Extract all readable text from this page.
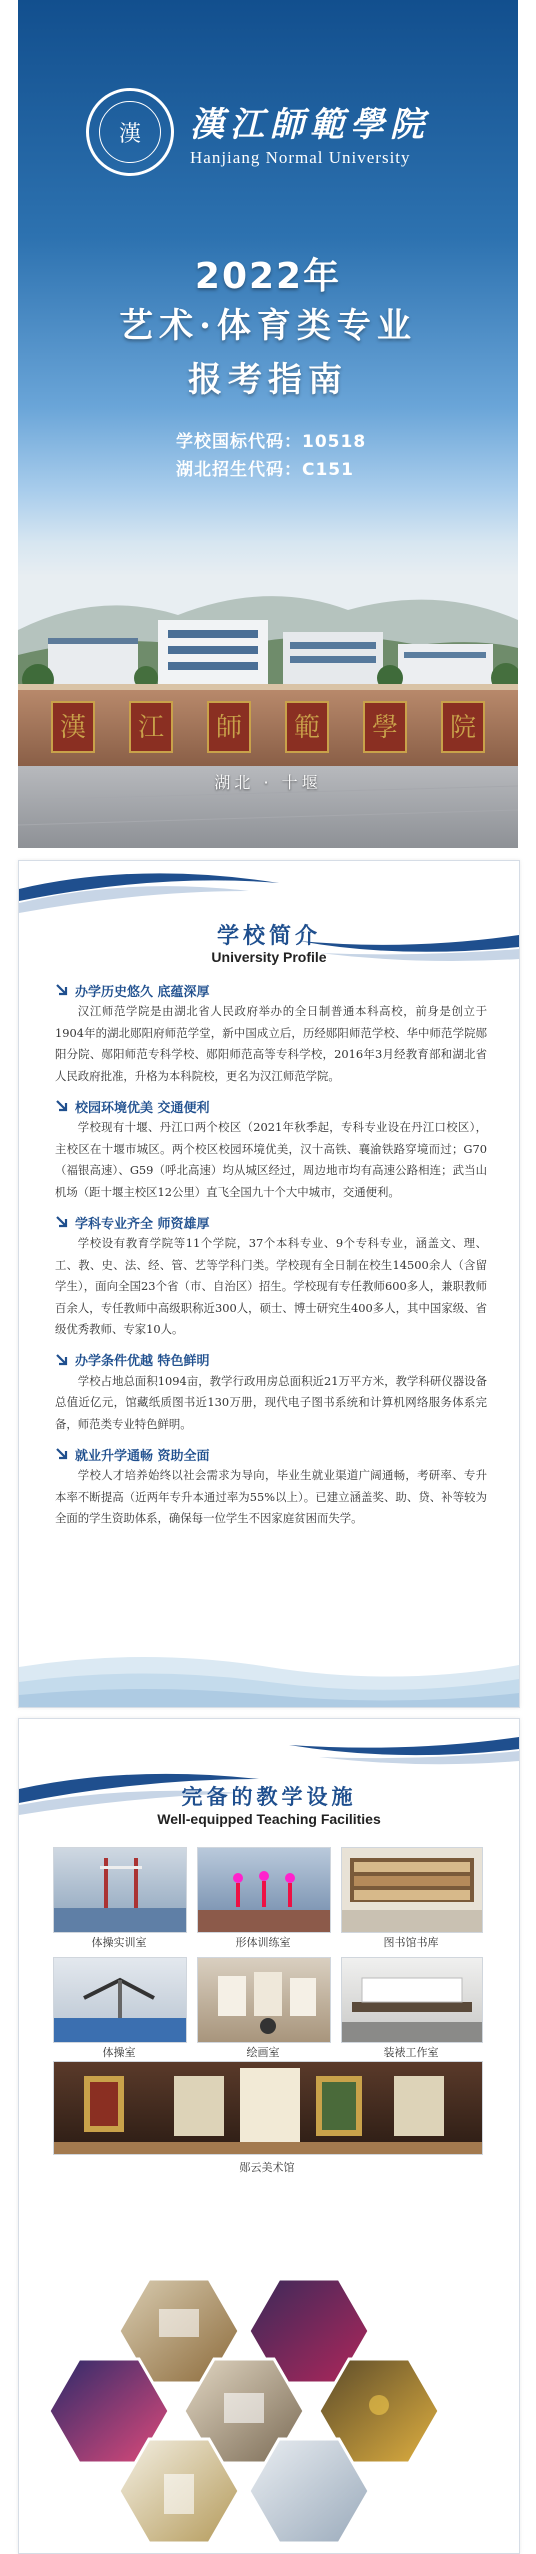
漢 漢江師範學院
Hanjiang Normal University
2022年
艺术·体育类专业
报考指南
学校国标代码：10518
湖北招生代码：C151
漢 江 師 範 學 院
湖北 · 十堰
学校简介
University Profile
办学历史悠久 底蕴深厚

汉江师范学院是由湖北省人民政府举办的全日制普通本科高校，前身是创立于1904年的湖北郧阳府师范学堂，新中国成立后，历经郧阳师范学校、华中师范学院郧阳分院、郧阳师范专科学校、郧阳师范高等专科学校，2016年3月经教育部和湖北省人民政府批准，升格为本科院校，更名为汉江师范学院。

校园环境优美 交通便利

学校现有十堰、丹江口两个校区（2021年秋季起，专科专业设在丹江口校区），主校区在十堰市城区。两个校区校园环境优美，汉十高铁、襄渝铁路穿境而过；G70（福银高速）、G59（呼北高速）均从城区经过，周边地市均有高速公路相连；武当山机场（距十堰主校区12公里）直飞全国九十个大中城市，交通便利。

学科专业齐全 师资雄厚

学校设有教育学院等11个学院，37个本科专业、9个专科专业，涵盖文、理、工、教、史、法、经、管、艺等学科门类。学校现有全日制在校生14500余人（含留学生），面向全国23个省（市、自治区）招生。学校现有专任教师600多人，兼职教师百余人，专任教师中高级职称近300人，硕士、博士研究生400多人，其中国家级、省级优秀教师、专家10人。

办学条件优越 特色鲜明

学校占地总面积1094亩，教学行政用房总面积近21万平方米，教学科研仪器设备总值近亿元，馆藏纸质图书近130万册，现代电子图书系统和计算机网络服务体系完备，师范类专业特色鲜明。

就业升学通畅 资助全面

学校人才培养始终以社会需求为导向，毕业生就业渠道广阔通畅，考研率、专升本率不断提高（近两年专升本通过率为55%以上）。已建立涵盖奖、助、贷、补等较为全面的学生资助体系，确保每一位学生不因家庭贫困而失学。

完备的教学设施
Well-equipped Teaching Facilities
体操实训室	形体训练室	图书馆书库
体操室	绘画室	装裱工作室
郧云美术馆
